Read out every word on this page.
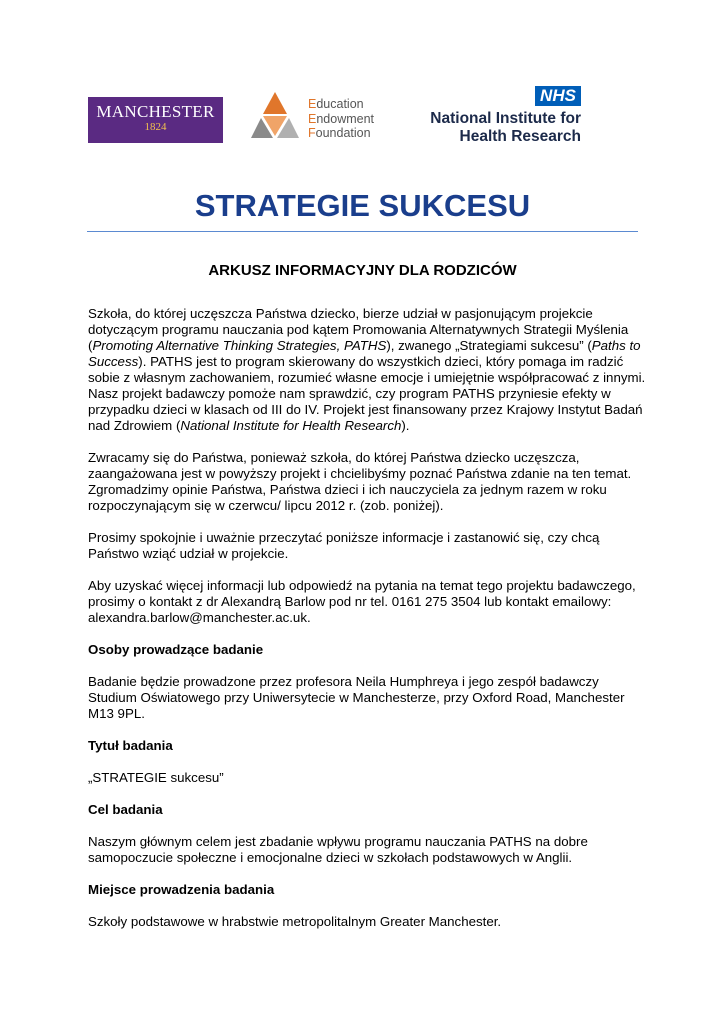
MANCHESTER
1824
Education
Endowment
Foundation
NHS
National Institute for
Health Research
STRATEGIE SUKCESU
ARKUSZ INFORMACYJNY DLA RODZICÓW

Szkoła, do której uczęszcza Państwa dziecko, bierze udział w pasjonującym projekcie dotyczącym programu nauczania pod kątem Promowania Alternatywnych Strategii Myślenia (Promoting Alternative Thinking Strategies, PATHS), zwanego „Strategiami sukcesu” (Paths to Success). PATHS jest to program skierowany do wszystkich dzieci, który pomaga im radzić sobie z własnym zachowaniem, rozumieć własne emocje i umiejętnie współpracować z innymi. Nasz projekt badawczy pomoże nam sprawdzić, czy program PATHS przyniesie efekty w przypadku dzieci w klasach od III do IV. Projekt jest finansowany przez Krajowy Instytut Badań nad Zdrowiem (National Institute for Health Research).

Zwracamy się do Państwa, ponieważ szkoła, do której Państwa dziecko uczęszcza, zaangażowana jest w powyższy projekt i chcielibyśmy poznać Państwa zdanie na ten temat. Zgromadzimy opinie Państwa, Państwa dzieci i ich nauczyciela za jednym razem w roku rozpoczynającym się w czerwcu/ lipcu 2012 r. (zob. poniżej).

Prosimy spokojnie i uważnie przeczytać poniższe informacje i zastanowić się, czy chcą Państwo wziąć udział w projekcie.

Aby uzyskać więcej informacji lub odpowiedź na pytania na temat tego projektu badawczego, prosimy o kontakt z dr Alexandrą Barlow pod nr tel. 0161 275 3504 lub kontakt emailowy: alexandra.barlow@manchester.ac.uk.

Osoby prowadzące badanie

Badanie będzie prowadzone przez profesora Neila Humphreya i jego zespół badawczy Studium Oświatowego przy Uniwersytecie w Manchesterze, przy Oxford Road, Manchester M13 9PL.

Tytuł badania

„STRATEGIE sukcesu”

Cel badania

Naszym głównym celem jest zbadanie wpływu programu nauczania PATHS na dobre samopoczucie społeczne i emocjonalne dzieci w szkołach podstawowych w Anglii.

Miejsce prowadzenia badania

Szkoły podstawowe w hrabstwie metropolitalnym Greater Manchester.
